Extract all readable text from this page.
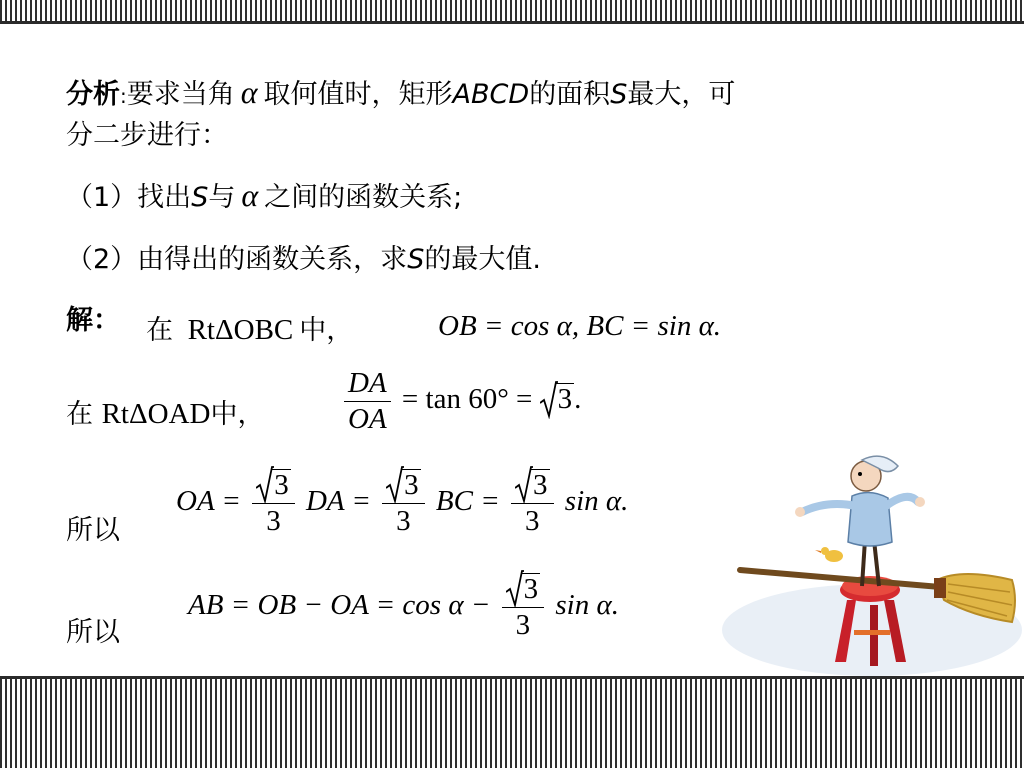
分析:要求当角 α 取何值时，矩形ABCD的面积S最大，可
分二步进行：
（1）找出S与 α 之间的函数关系;
（2）由得出的函数关系，求S的最大值.
解： 在 RtΔOBC 中，	OB = cos α, BC = sin α.
在 RtΔOAD中，	$\frac{DA}{OA} = \tan 60^\circ = 3$.
所以
OA = $\frac{3}{3}$ DA = $\frac{3}{3}$ BC = $\frac{3}{3}$ sin α.
所以
AB = OB − OA = $\cos \alpha - \frac{3}{3}$ sin α.
